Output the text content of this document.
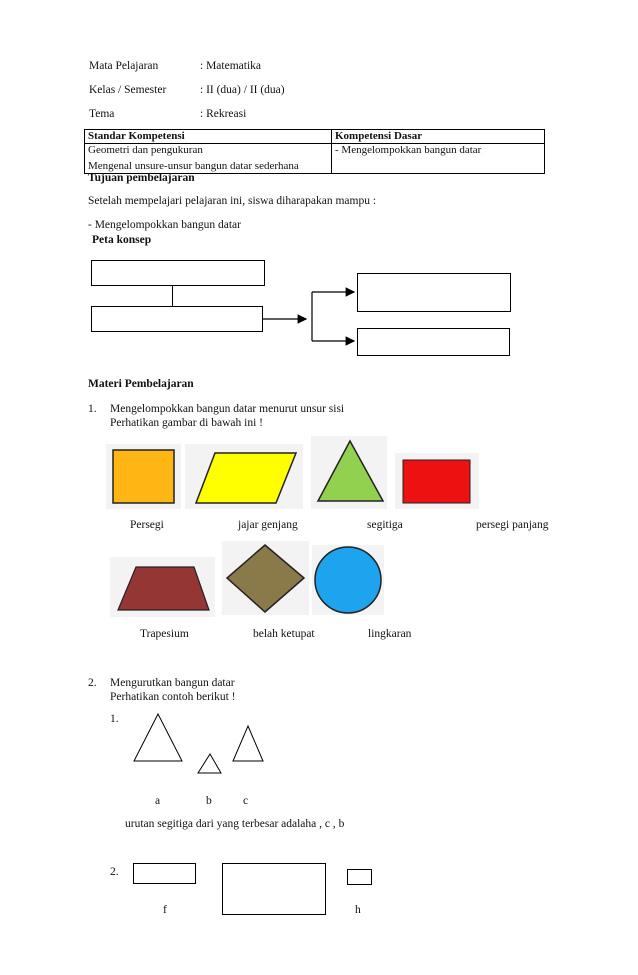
Mata Pelajaran	: Matematika
Kelas / Semester	: II (dua) / II (dua)
Tema	: Rekreasi
Standar Kompetensi	Kompetensi Dasar

Geometri dan pengukuran
Mengenal unsure-unsur bangun datar sederhana	- Mengelompokkan bangun datar
Tujuan pembelajaran
Setelah mempelajari pelajaran ini, siswa diharapakan mampu :
- Mengelompokkan bangun datar
Peta konsep
Materi Pembelajaran
1. Mengelompokkan bangun datar menurut unsur sisi
Perhatikan gambar di bawah ini !
Persegi	jajar genjang	segitiga	persegi panjang
Trapesium	belah ketupat	lingkaran
2. Mengurutkan bangun datar
Perhatikan contoh berikut !
1.
a	b	c
urutan segitiga dari yang terbesar adalaha , c , b
2.
f	h
